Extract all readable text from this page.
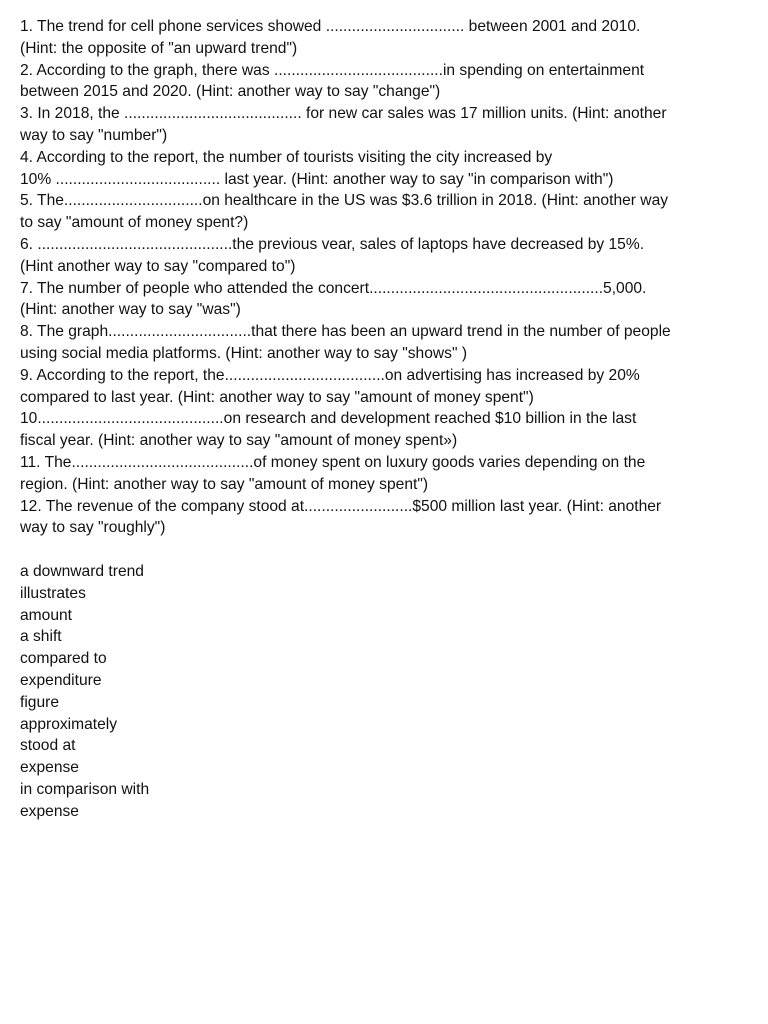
1. The trend for cell phone services showed ................................ between 2001 and 2010.
(Hint: the opposite of "an upward trend")
2. According to the graph, there was .......................................in spending on entertainment
between 2015 and 2020. (Hint: another way to say "change")
3. In 2018, the ......................................... for new car sales was 17 million units. (Hint: another
way to say "number")
4. According to the report, the number of tourists visiting the city increased by
10% ...................................... last year. (Hint: another way to say "in comparison with")
5. The................................on healthcare in the US was $3.6 trillion in 2018. (Hint: another way
to say "amount of money spent?)
6. .............................................the previous vear, sales of laptops have decreased by 15%.
(Hint another way to say "compared to")
7. The number of people who attended the concert......................................................5,000.
(Hint: another way to say "was")
8. The graph.................................that there has been an upward trend in the number of people
using social media platforms. (Hint: another way to say "shows" )
9. According to the report, the.....................................on advertising has increased by 20%
compared to last year. (Hint: another way to say "amount of money spent")
10...........................................on research and development reached $10 billion in the last
fiscal year. (Hint: another way to say "amount of money spent»)
11. The..........................................of money spent on luxury goods varies depending on the
region. (Hint: another way to say "amount of money spent")
12. The revenue of the company stood at.........................$500 million last year. (Hint: another
way to say "roughly")
a downward trend
illustrates
amount
a shift
compared to
expenditure
figure
approximately
stood at
expense
in comparison with
expense
